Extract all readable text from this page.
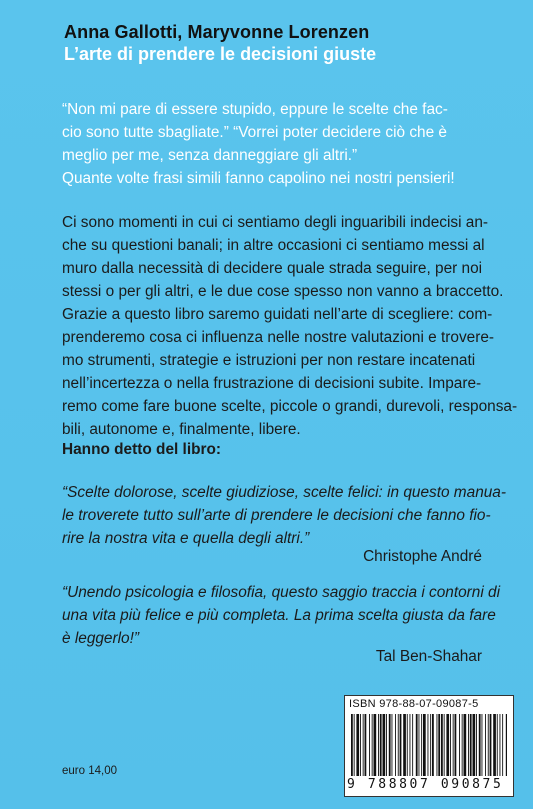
Anna Gallotti, Maryvonne Lorenzen
L’arte di prendere le decisioni giuste
“Non mi pare di essere stupido, eppure le scelte che fac-
cio sono tutte sbagliate.” “Vorrei poter decidere ciò che è
meglio per me, senza danneggiare gli altri.”
Quante volte frasi simili fanno capolino nei nostri pensieri!
Ci sono momenti in cui ci sentiamo degli inguaribili indecisi an-
che su questioni banali; in altre occasioni ci sentiamo messi al
muro dalla necessità di decidere quale strada seguire, per noi
stessi o per gli altri, e le due cose spesso non vanno a braccetto.
Grazie a questo libro saremo guidati nell’arte di scegliere: com-
prenderemo cosa ci influenza nelle nostre valutazioni e trovere-
mo strumenti, strategie e istruzioni per non restare incatenati
nell’incertezza o nella frustrazione di decisioni subite. Impare-
remo come fare buone scelte, piccole o grandi, durevoli, responsa-
bili, autonome e, finalmente, libere.
Hanno detto del libro:
“Scelte dolorose, scelte giudiziose, scelte felici: in questo manua-
le troverete tutto sull’arte di prendere le decisioni che fanno fio-
rire la nostra vita e quella degli altri.”
Christophe André
“Unendo psicologia e filosofia, questo saggio traccia i contorni di
una vita più felice e più completa. La prima scelta giusta da fare
è leggerlo!”
Tal Ben-Shahar
ISBN 978-88-07-09087-5
9 788807 090875
euro 14,00
